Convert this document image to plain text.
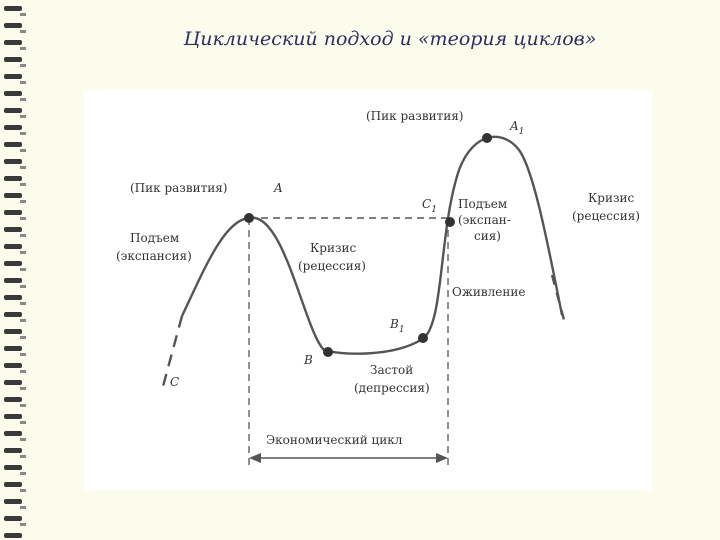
Циклический подход и «теория циклов»
(Пик развития)	A
(Пик развития)
$A_1$
$C_1$
Подъем
(экспансия)
Кризис
(рецессия)
B
$B_1$
C
Застой
(депрессия)
Подъем
(экспан-
сия)
Оживление
Кризис
(рецессия)
Экономический цикл
